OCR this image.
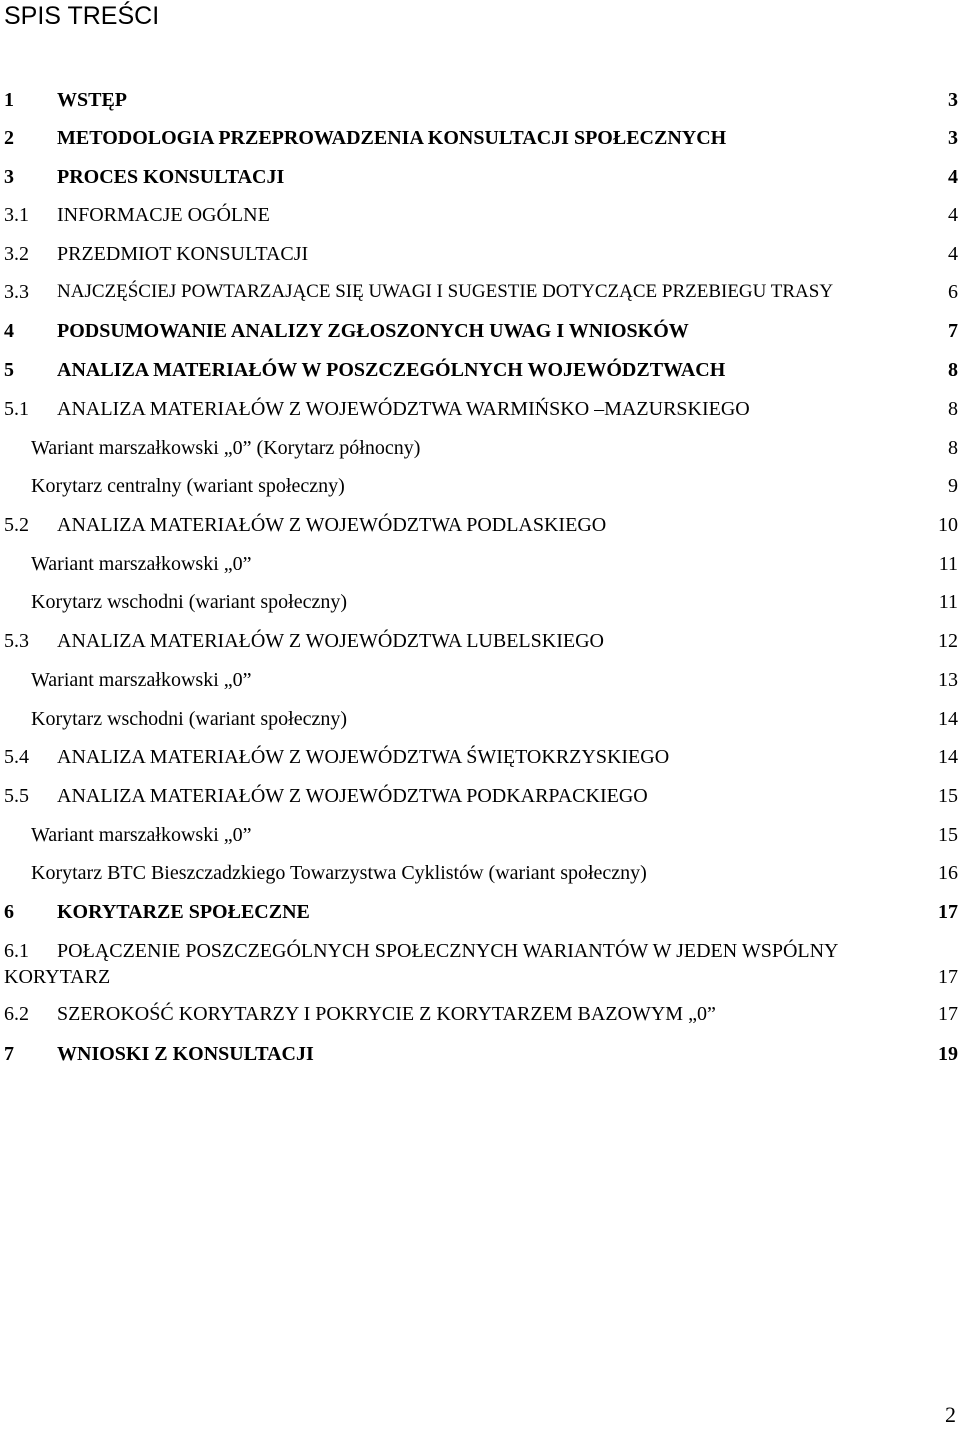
SPIS TREŚCI
1 WSTĘP	3
2 METODOLOGIA PRZEPROWADZENIA KONSULTACJI SPOŁECZNYCH	3
3 PROCES KONSULTACJI	4
3.1 INFORMACJE OGÓLNE	4
3.2 PRZEDMIOT KONSULTACJI	4
3.3 NAJCZĘŚCIEJ POWTARZAJĄCE SIĘ UWAGI I SUGESTIE DOTYCZĄCE PRZEBIEGU TRASY	6
4 PODSUMOWANIE ANALIZY ZGŁOSZONYCH UWAG I WNIOSKÓW	7
5 ANALIZA MATERIAŁÓW W POSZCZEGÓLNYCH WOJEWÓDZTWACH	8
5.1 ANALIZA MATERIAŁÓW Z WOJEWÓDZTWA WARMIŃSKO –MAZURSKIEGO	8
Wariant marszałkowski „0” (Korytarz północny)	8
Korytarz centralny (wariant społeczny)	9
5.2 ANALIZA MATERIAŁÓW Z WOJEWÓDZTWA PODLASKIEGO	10
Wariant marszałkowski „0”	11
Korytarz wschodni (wariant społeczny)	11
5.3 ANALIZA MATERIAŁÓW Z WOJEWÓDZTWA LUBELSKIEGO	12
Wariant marszałkowski „0”	13
Korytarz wschodni (wariant społeczny)	14
5.4 ANALIZA MATERIAŁÓW Z WOJEWÓDZTWA ŚWIĘTOKRZYSKIEGO	14
5.5 ANALIZA MATERIAŁÓW Z WOJEWÓDZTWA PODKARPACKIEGO	15
Wariant marszałkowski „0”	15
Korytarz BTC Bieszczadzkiego Towarzystwa Cyklistów (wariant społeczny)	16
6 KORYTARZE SPOŁECZNE	17
6.1	POŁĄCZENIE POSZCZEGÓLNYCH SPOŁECZNYCH WARIANTÓW W JEDEN WSPÓLNY KORYTARZ	17
6.2 SZEROKOŚĆ KORYTARZY I POKRYCIE Z KORYTARZEM BAZOWYM „0”	17
7 WNIOSKI Z KONSULTACJI	19
2
